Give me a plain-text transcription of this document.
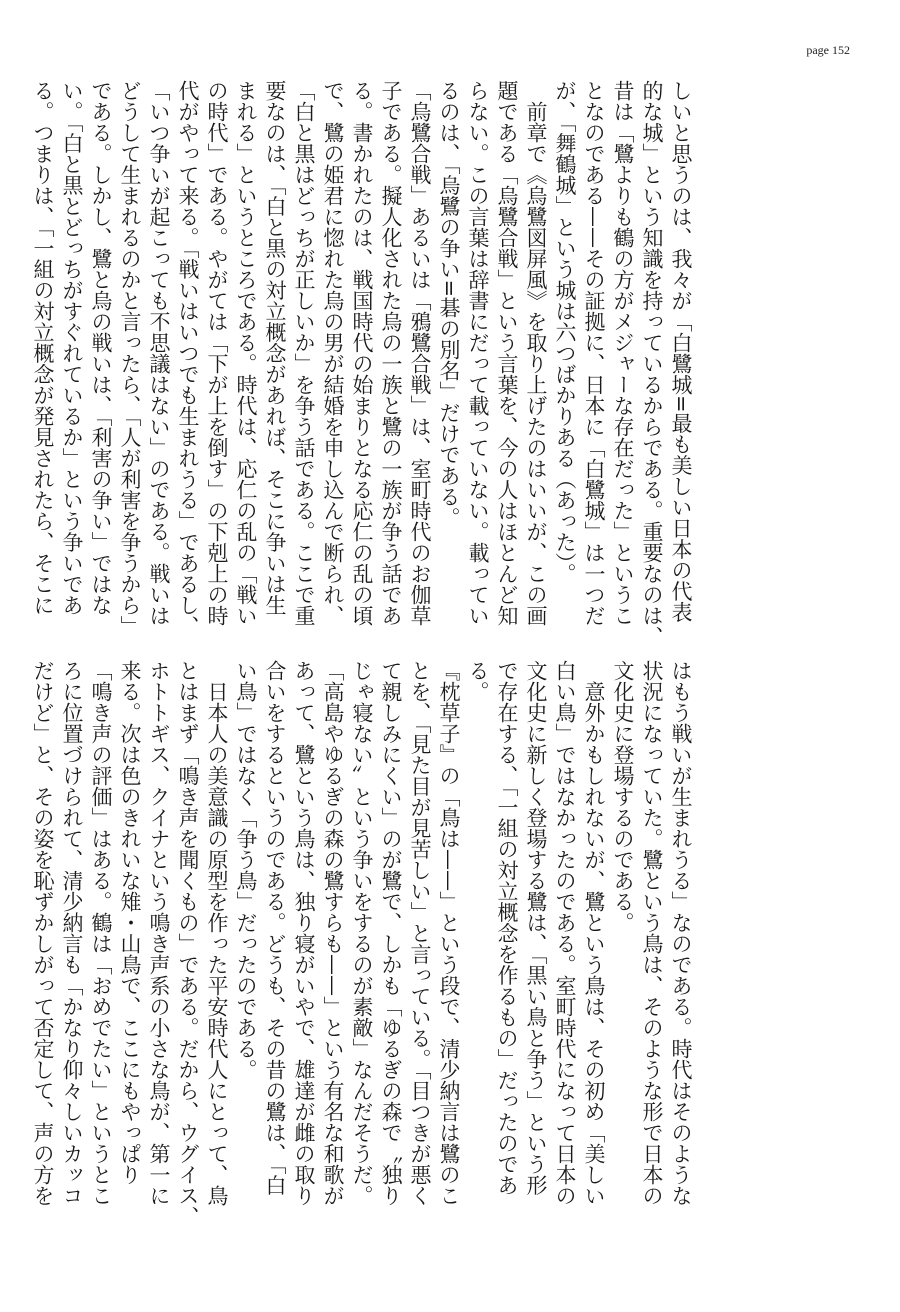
page 152
しいと思うのは、我々が「白鷺城=最も美しい日本の代表
的な城」という知識を持っているからである。重要なのは、
昔は「鷺よりも鶴の方がメジャーな存在だった」というこ
となのである——その証拠に、日本に「白鷺城」は一つだ
が、「舞鶴城」という城は六つばかりある（あった）。
前章で《烏鷺図屏風》を取り上げたのはいいが、この画
題である「烏鷺合戦」という言葉を、今の人はほとんど知
らない。この言葉は辞書にだって載っていない。載ってい
るのは、「烏鷺の争い=碁の別名」だけである。
「烏鷺合戦」あるいは「鴉鷺合戦」は、室町時代のお伽草
子である。擬人化された烏の一族と鷺の一族が争う話であ
る。書かれたのは、戦国時代の始まりとなる応仁の乱の頃
で、鷺の姫君に惚れた烏の男が結婚を申し込んで断られ、
「白と黒はどっちが正しいか」を争う話である。ここで重
要なのは、「白と黒の対立概念があれば、そこに争いは生
まれる」というところである。時代は、応仁の乱の「戦い
の時代」である。やがては「下が上を倒す」の下剋上の時
代がやって来る。「戦いはいつでも生まれうる」であるし、
「いつ争いが起こっても不思議はない」のである。戦いは
どうして生まれるのかと言ったら、「人が利害を争うから」
である。しかし、鷺と烏の戦いは、「利害の争い」ではな
い。「白と黒とどっちがすぐれているか」という争いであ
る。つまりは、「一組の対立概念が発見されたら、そこに
はもう戦いが生まれうる」なのである。時代はそのような
状況になっていた。鷺という鳥は、そのような形で日本の
文化史に登場するのである。
意外かもしれないが、鷺という鳥は、その初め「美しい
白い鳥」ではなかったのである。室町時代になって日本の
文化史に新しく登場する鷺は、「黒い鳥と争う」という形
で存在する、「一組の対立概念を作るもの」だったのであ
る。
『枕草子』の「鳥は——」という段で、清少納言は鷺のこ
とを、「見た目が見苦しい」と言っている。「目つきが悪く
て親しみにくい」のが鷺で、しかも「ゆるぎの森で〝独り
じゃ寝ない〟という争いをするのが素敵」なんだそうだ。
「高島やゆるぎの森の鷺すらも——」という有名な和歌が
あって、鷺という鳥は、独り寝がいやで、雄達が雌の取り
合いをするというのである。どうも、その昔の鷺は、「白
い鳥」ではなく「争う鳥」だったのである。
日本人の美意識の原型を作った平安時代人にとって、鳥
とはまず「鳴き声を聞くもの」である。だから、ウグイス、
ホトトギス、クイナという鳴き声系の小さな鳥が、第一に
来る。次は色のきれいな雉・山鳥で、ここにもやっぱり
「鳴き声の評価」はある。鶴は「おめでたい」というとこ
ろに位置づけられて、清少納言も「かなり仰々しいカッコ
だけど」と、その姿を恥ずかしがって否定して、声の方を
